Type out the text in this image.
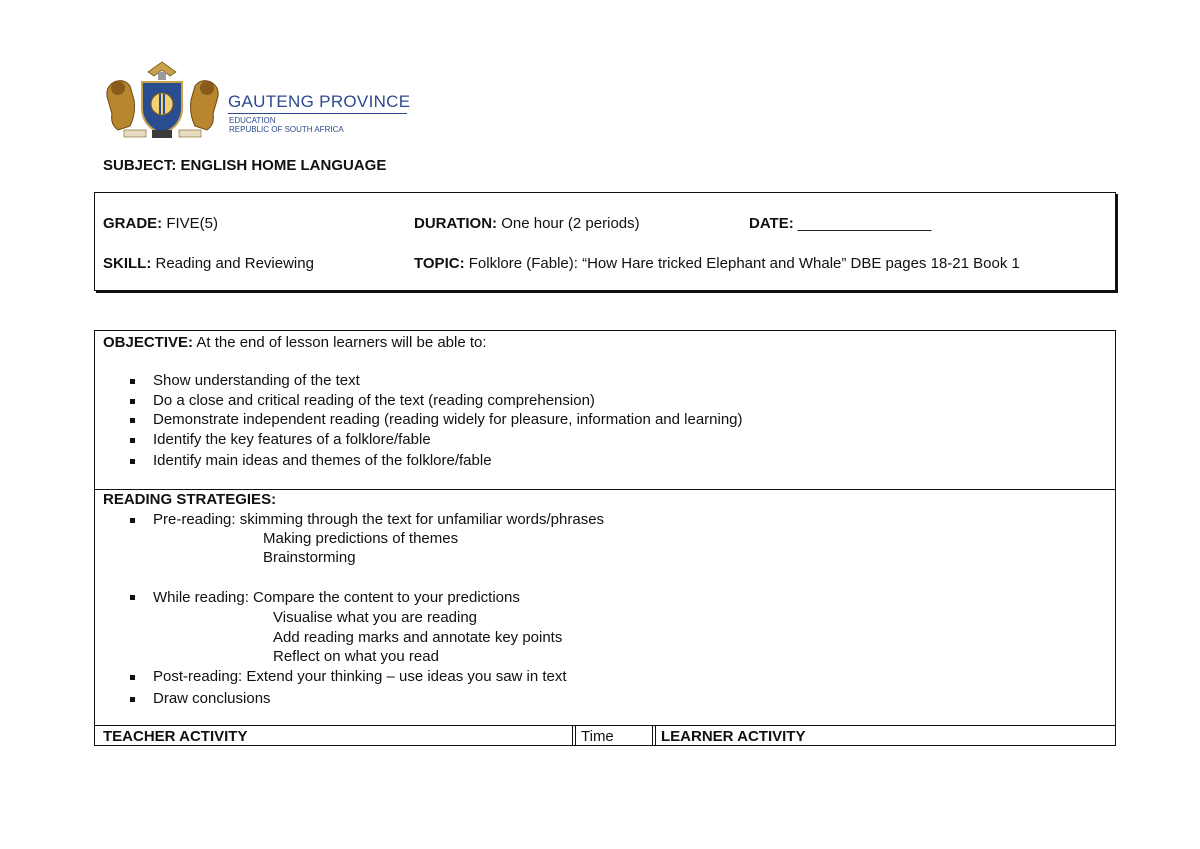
GAUTENG PROVINCE
EDUCATION
REPUBLIC OF SOUTH AFRICA
SUBJECT: ENGLISH HOME LANGUAGE
GRADE: FIVE(5)	DURATION: One hour (2 periods)	DATE: ________________
SKILL: Reading and Reviewing	TOPIC: Folklore (Fable): “How Hare tricked Elephant and Whale” DBE pages 18-21 Book 1
OBJECTIVE: At the end of lesson learners will be able to:
Show understanding of the text
Do a close and critical reading of the text (reading comprehension)
Demonstrate independent reading (reading widely for pleasure, information and learning)
Identify the key features of a folklore/fable
Identify main ideas and themes of the folklore/fable
READING STRATEGIES:
Pre-reading: skimming through the text for unfamiliar words/phrases
Making predictions of themes
Brainstorming
While reading: Compare the content to your predictions
Visualise what you are reading
Add reading marks and annotate key points
Reflect on what you read
Post-reading: Extend your thinking – use ideas you saw in text
Draw conclusions
TEACHER ACTIVITY	Time	LEARNER ACTIVITY
